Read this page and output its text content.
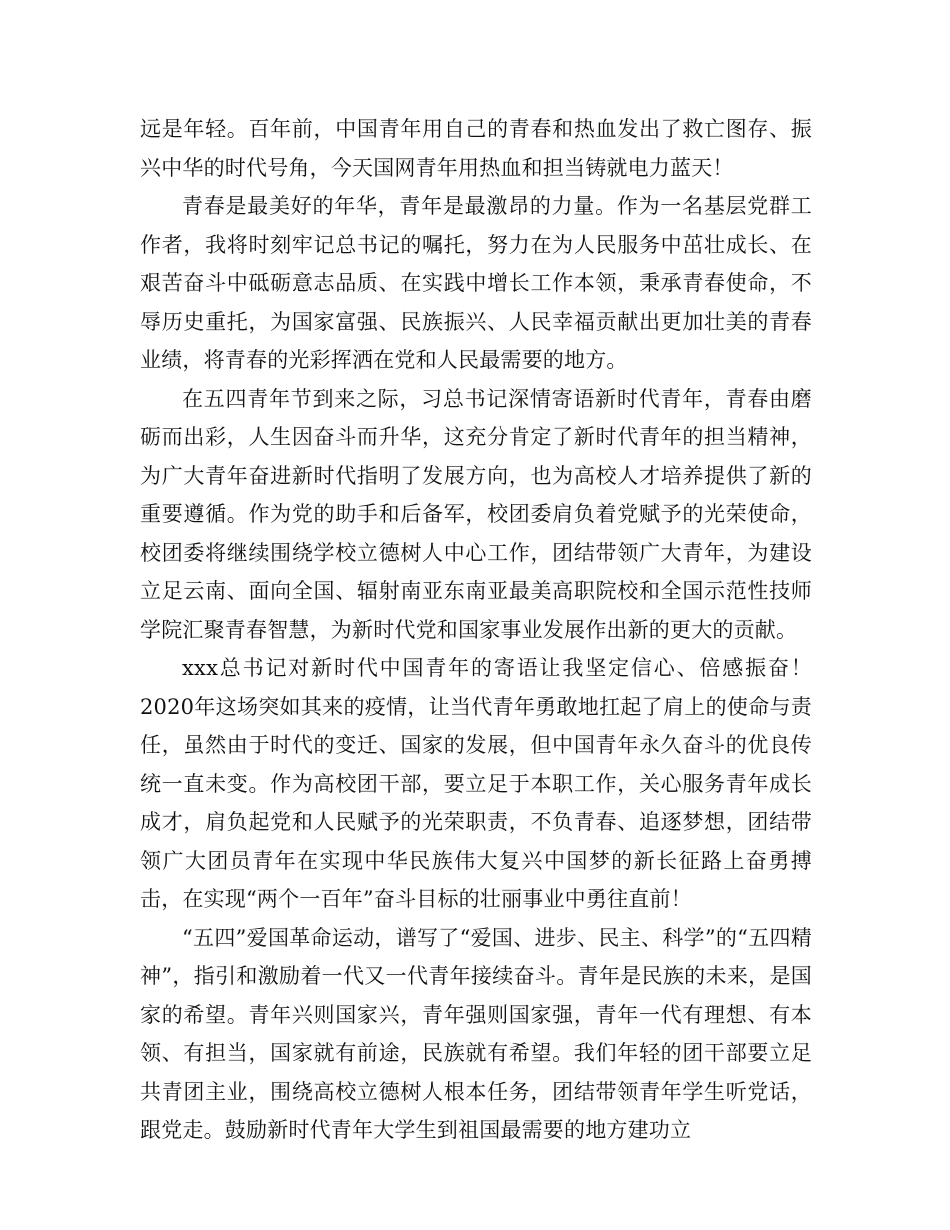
远是年轻。百年前，中国青年用自己的青春和热血发出了救亡图存、振兴中华的时代号角，今天国网青年用热血和担当铸就电力蓝天！

青春是最美好的年华，青年是最激昂的力量。作为一名基层党群工作者，我将时刻牢记总书记的嘱托，努力在为人民服务中茁壮成长、在艰苦奋斗中砥砺意志品质、在实践中增长工作本领，秉承青春使命，不辱历史重托，为国家富强、民族振兴、人民幸福贡献出更加壮美的青春业绩，将青春的光彩挥洒在党和人民最需要的地方。

在五四青年节到来之际，习总书记深情寄语新时代青年，青春由磨砺而出彩，人生因奋斗而升华，这充分肯定了新时代青年的担当精神，为广大青年奋进新时代指明了发展方向，也为高校人才培养提供了新的重要遵循。作为党的助手和后备军，校团委肩负着党赋予的光荣使命，校团委将继续围绕学校立德树人中心工作，团结带领广大青年，为建设立足云南、面向全国、辐射南亚东南亚最美高职院校和全国示范性技师学院汇聚青春智慧，为新时代党和国家事业发展作出新的更大的贡献。

xxx总书记对新时代中国青年的寄语让我坚定信心、倍感振奋！2020年这场突如其来的疫情，让当代青年勇敢地扛起了肩上的使命与责任，虽然由于时代的变迁、国家的发展，但中国青年永久奋斗的优良传统一直未变。作为高校团干部，要立足于本职工作，关心服务青年成长成才，肩负起党和人民赋予的光荣职责，不负青春、追逐梦想，团结带领广大团员青年在实现中华民族伟大复兴中国梦的新长征路上奋勇搏击，在实现“两个一百年”奋斗目标的壮丽事业中勇往直前！

“五四”爱国革命运动，谱写了“爱国、进步、民主、科学”的“五四精神”，指引和激励着一代又一代青年接续奋斗。青年是民族的未来，是国家的希望。青年兴则国家兴，青年强则国家强，青年一代有理想、有本领、有担当，国家就有前途，民族就有希望。我们年轻的团干部要立足共青团主业，围绕高校立德树人根本任务，团结带领青年学生听党话，跟党走。鼓励新时代青年大学生到祖国最需要的地方建功立
